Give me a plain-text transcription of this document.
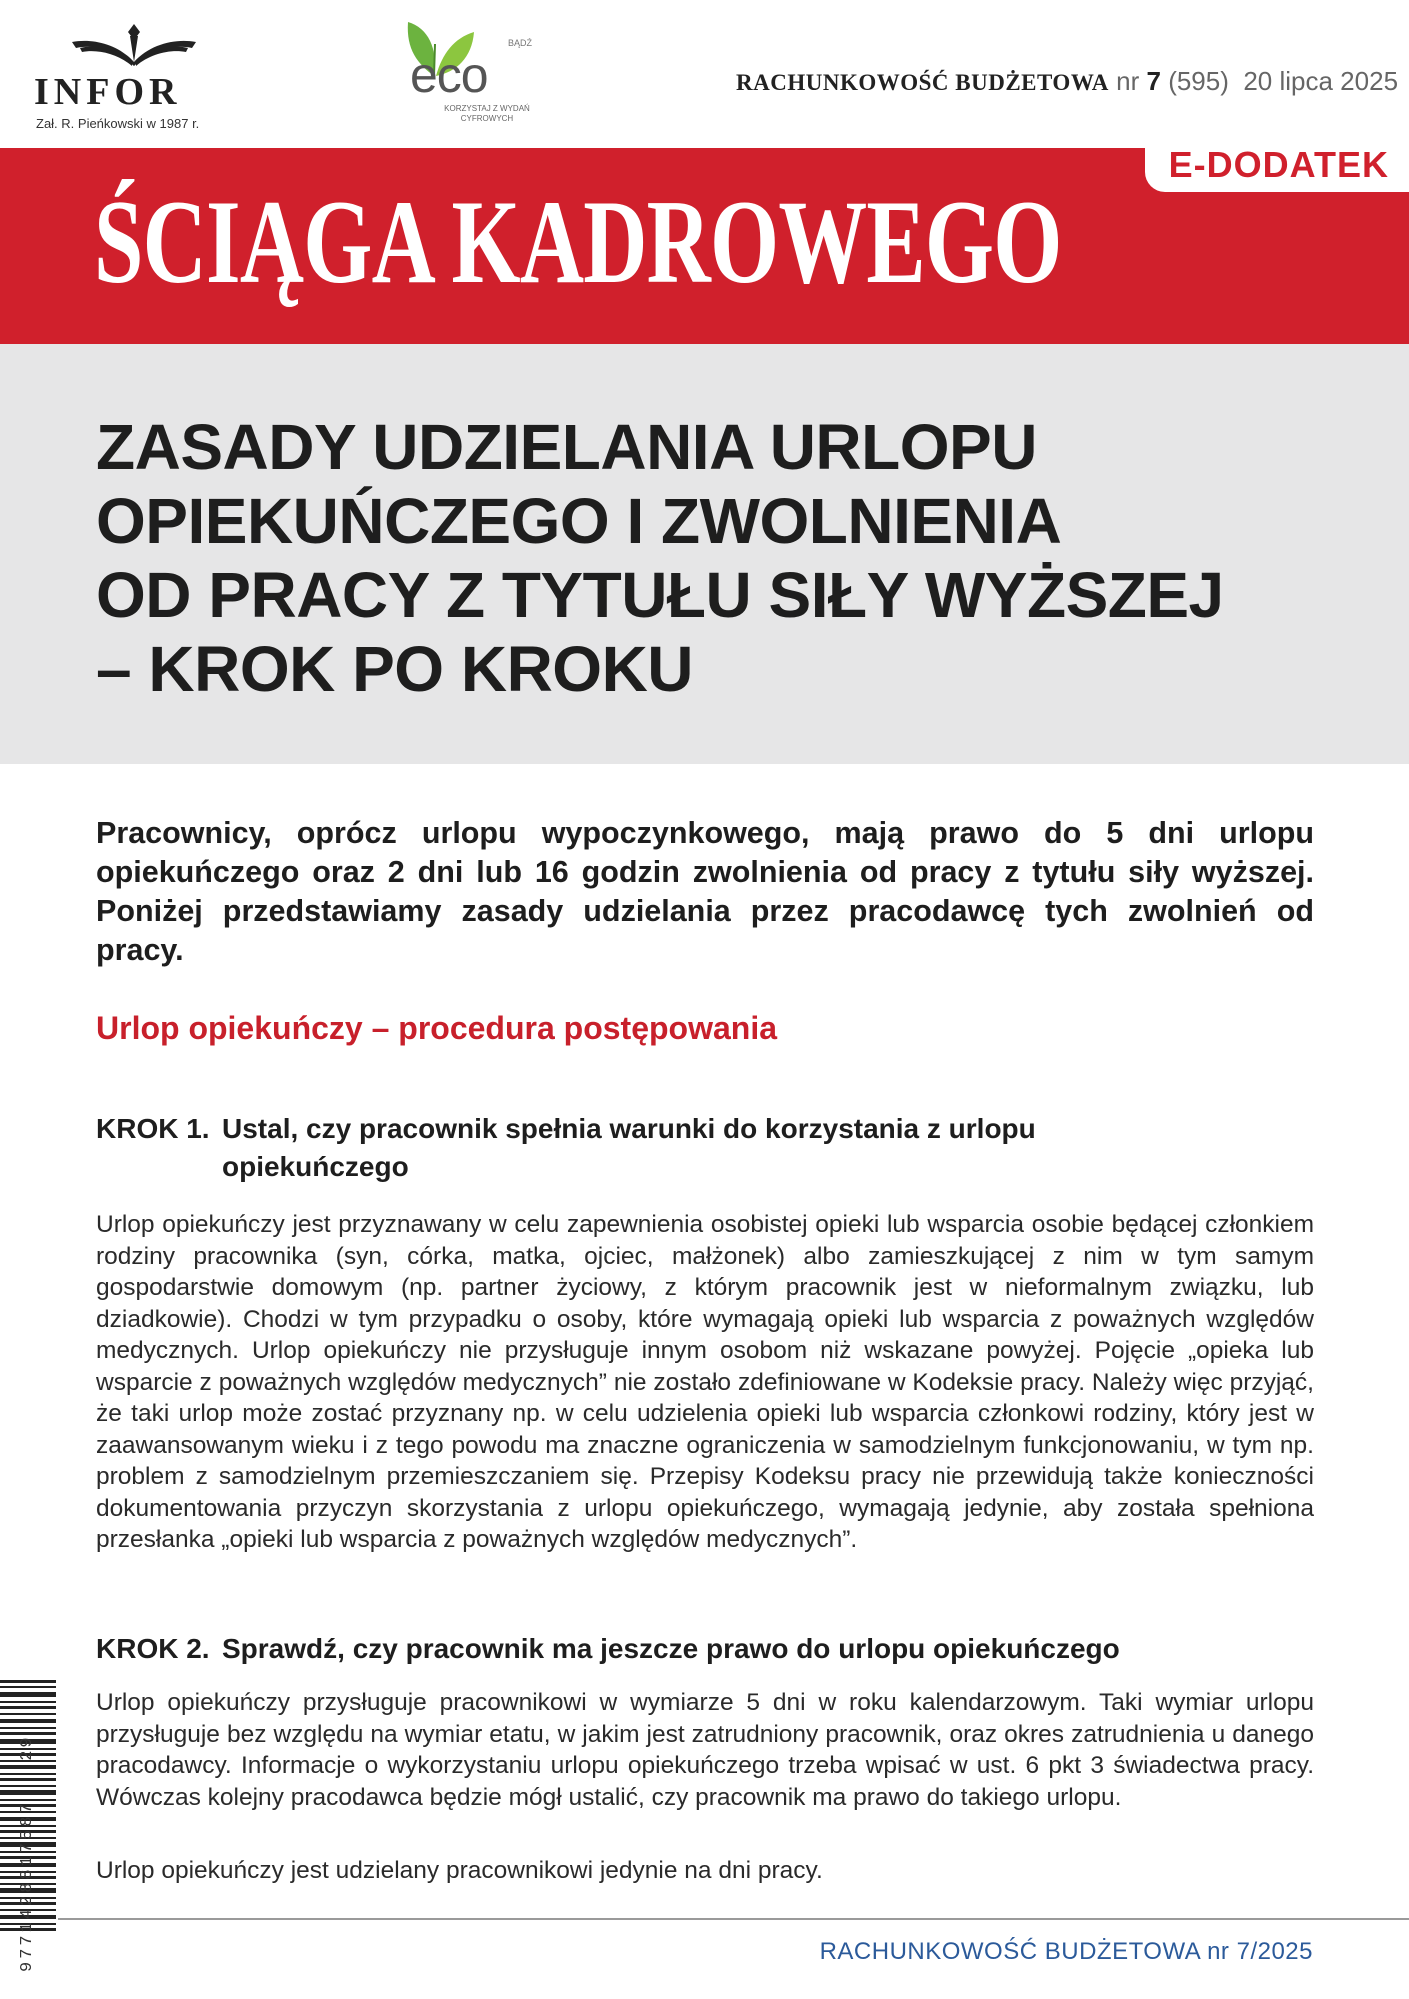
INFOR
Zał. R. Pieńkowski w 1987 r.
BĄDŹ
eco
KORZYSTAJ Z WYDAŃ CYFROWYCH
RACHUNKOWOŚĆ BUDŻETOWA nr 7 (595) 20 lipca 2025
ŚCIĄGA KADROWEGO
E-DODATEK
ZASADY UDZIELANIA URLOPU
OPIEKUŃCZEGO I ZWOLNIENIA
OD PRACY Z TYTUŁU SIŁY WYŻSZEJ
– KROK PO KROKU
Pracownicy, oprócz urlopu wypoczynkowego, mają prawo do 5 dni urlopu opiekuńczego oraz 2 dni lub 16 godzin zwolnienia od pracy z tytułu siły wyższej. Poniżej przedstawiamy zasady udzielania przez pracodawcę tych zwolnień od pracy.
Urlop opiekuńczy – procedura postępowania
KROK 1. Ustal, czy pracownik spełnia warunki do korzystania z urlopu
opiekuńczego
Urlop opiekuńczy jest przyznawany w celu zapewnienia osobistej opieki lub wsparcia osobie będącej członkiem rodziny pracownika (syn, córka, matka, ojciec, małżonek) albo zamieszkującej z nim w tym samym gospodarstwie domowym (np. partner życiowy, z którym pracownik jest w nieformalnym związku, lub dziadkowie). Chodzi w tym przypadku o osoby, które wymagają opieki lub wsparcia z poważnych względów medycznych. Urlop opiekuńczy nie przysługuje innym osobom niż wskazane powyżej. Pojęcie „opieka lub wsparcie z poważnych względów medycznych” nie zostało zdefiniowane w Kodeksie pracy. Należy więc przyjąć, że taki urlop może zostać przyznany np. w celu udzielenia opieki lub wsparcia członkowi rodziny, który jest w zaawansowanym wieku i z tego powodu ma znaczne ograniczenia w samodzielnym funkcjonowaniu, w tym np. problem z samodzielnym przemieszczaniem się. Przepisy Kodeksu pracy nie przewidują także konieczności dokumentowania przyczyn skorzystania z urlopu opiekuńczego, wymagają jedynie, aby została spełniona przesłanka „opieki lub wsparcia z poważnych względów medycznych”.
KROK 2. Sprawdź, czy pracownik ma jeszcze prawo do urlopu opiekuńczego
Urlop opiekuńczy przysługuje pracownikowi w wymiarze 5 dni w roku kalendarzowym. Taki wymiar urlopu przysługuje bez względu na wymiar etatu, w jakim jest zatrudniony pracownik, oraz okres zatrudnienia u danego pracodawcy. Informacje o wykorzystaniu urlopu opiekuńczego trzeba wpisać w ust. 6 pkt 3 świadectwa pracy. Wówczas kolejny pracodawca będzie mógł ustalić, czy pracownik ma prawo do takiego urlopu.
Urlop opiekuńczy jest udzielany pracownikowi jedynie na dni pracy.
9771428817587   29
RACHUNKOWOŚĆ BUDŻETOWA nr 7/2025
